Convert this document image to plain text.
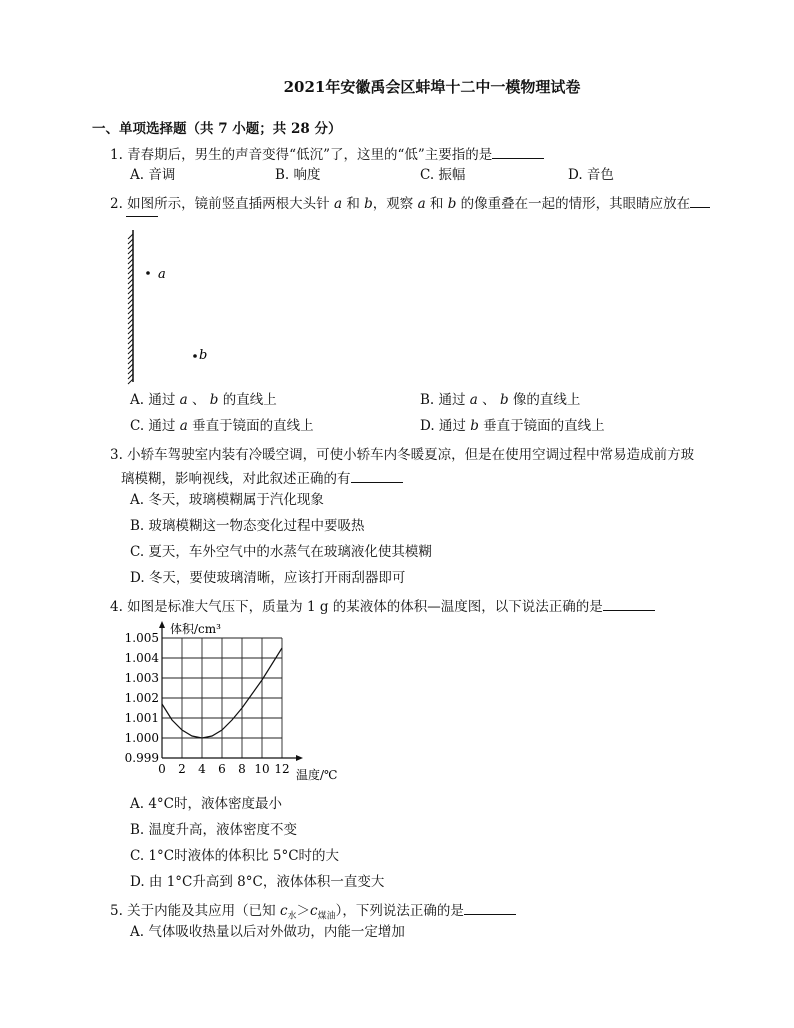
2021年安徽禹会区蚌埠十二中一模物理试卷
一、单项选择题（共 7 小题；共 28 分）
1. 青春期后，男生的声音变得“低沉”了，这里的“低”主要指的是
A. 音调	B. 响度	C. 振幅	D. 音色
2. 如图所示，镜前竖直插两根大头针 a 和 b，观察 a 和 b 的像重叠在一起的情形，其眼睛应放在
a
b
A. 通过 a 、 b 的直线上	B. 通过 a 、 b 像的直线上
C. 通过 a 垂直于镜面的直线上	D. 通过 b 垂直于镜面的直线上
3. 小轿车驾驶室内装有冷暖空调，可使小轿车内冬暖夏凉，但是在使用空调过程中常易造成前方玻
璃模糊，影响视线，对此叙述正确的有
A. 冬天，玻璃模糊属于汽化现象
B. 玻璃模糊这一物态变化过程中要吸热
C. 夏天，车外空气中的水蒸气在玻璃液化使其模糊
D. 冬天，要使玻璃清晰，应该打开雨刮器即可
4. 如图是标准大气压下，质量为 1 g 的某液体的体积—温度图，以下说法正确的是
0.999
1.000
1.001
1.002
1.003
1.004
1.005
0 2 4 6 8 10 12
体积/cm³
温度/℃
A. 4°C时，液体密度最小
B. 温度升高，液体密度不变
C. 1°C时液体的体积比 5°C时的大
D. 由 1°C升高到 8°C，液体体积一直变大
5. 关于内能及其应用（已知 $c_水>c_{煤油}$），下列说法正确的是
A. 气体吸收热量以后对外做功，内能一定增加
